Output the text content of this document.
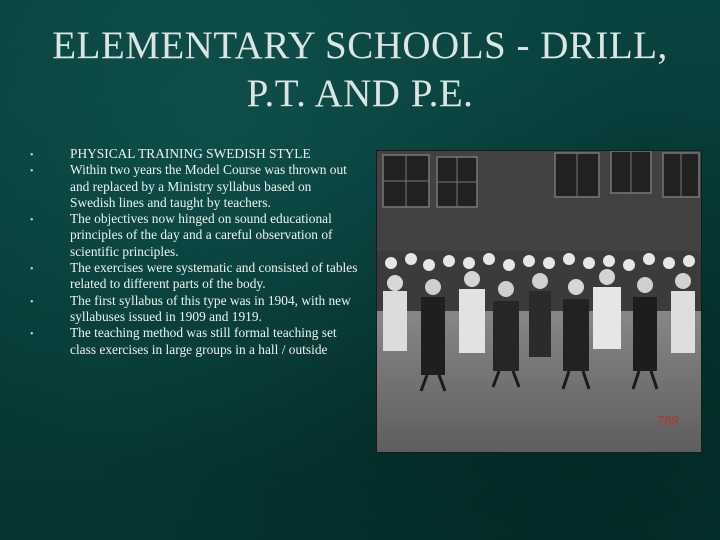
ELEMENTARY SCHOOLS - DRILL,
P.T. AND P.E.
•	PHYSICAL TRAINING SWEDISH STYLE
•	Within two years the Model Course was thrown out and replaced by a Ministry syllabus based on Swedish lines and taught by teachers.
•	The objectives now hinged on sound educational principles of the day and a careful observation of scientific principles.
•	The exercises were systematic and consisted of tables related to different parts of the body.
•	The first syllabus of this type was in 1904, with new syllabuses issued in 1909 and 1919.
•	The teaching method was still formal teaching set class exercises in large groups in a hall / outside
769
